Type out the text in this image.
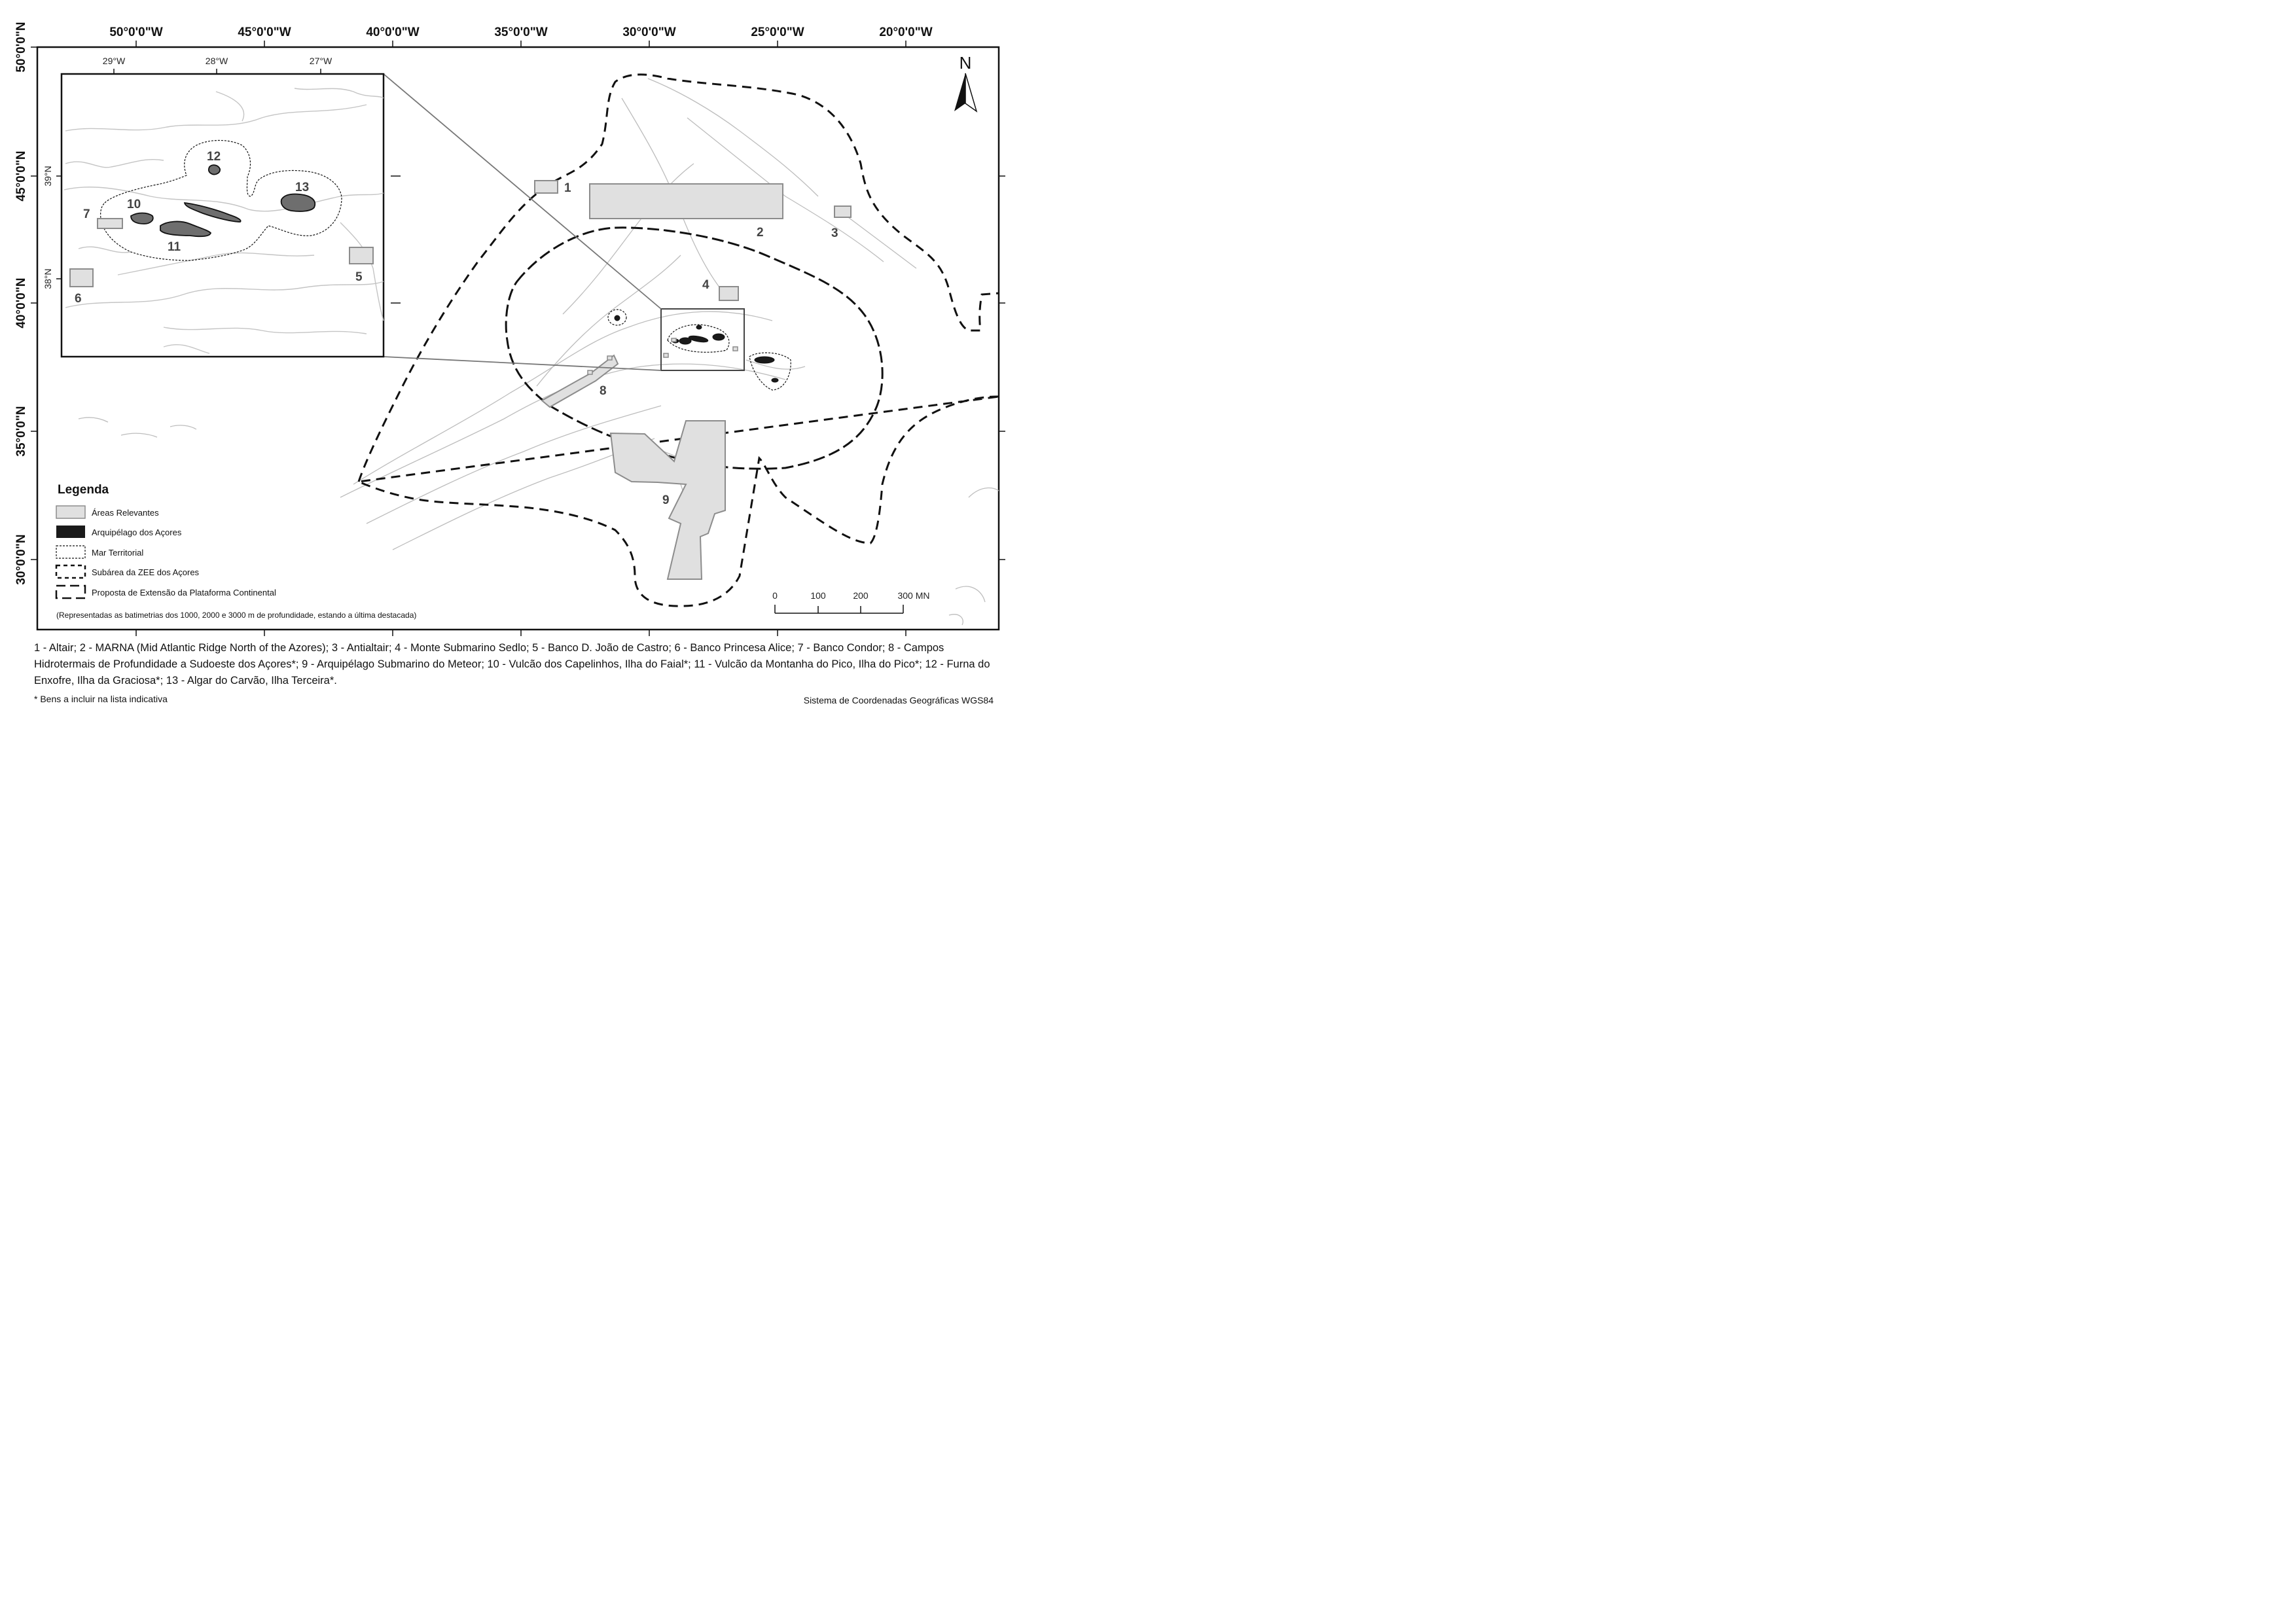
50°0'0"W	45°0'0"W	40°0'0"W	35°0'0"W	30°0'0"W	25°0'0"W	20°0'0"W
50°0'0"N
45°0'0"N
40°0'0"N
35°0'0"N
30°0'0"N
1
2	3
4
8
9
N
29°W	28°W	27°W
39°N
38°N
12
13
10
7
11
5
6
Legenda
Áreas Relevantes
Arquipélago dos Açores
Mar Territorial
Subárea da ZEE dos Açores
Proposta de Extensão da Plataforma Continental
(Representadas as batimetrias dos 1000, 2000 e 3000 m de profundidade, estando a última destacada)
0	100	200	300 MN
1 - Altair; 2 - MARNA (Mid Atlantic Ridge North of the Azores); 3 - Antialtair; 4 - Monte Submarino Sedlo; 5 - Banco D. João de Castro; 6 - Banco Princesa Alice; 7 - Banco Condor; 8 - Campos Hidrotermais de Profundidade a Sudoeste dos Açores*; 9 - Arquipélago Submarino do Meteor; 10 - Vulcão dos Capelinhos, Ilha do Faial*; 11 - Vulcão da Montanha do Pico, Ilha do Pico*; 12 - Furna do Enxofre, Ilha da Graciosa*; 13 - Algar do Carvão, Ilha Terceira*.
* Bens a incluir na lista indicativa	Sistema de Coordenadas Geográficas WGS84
